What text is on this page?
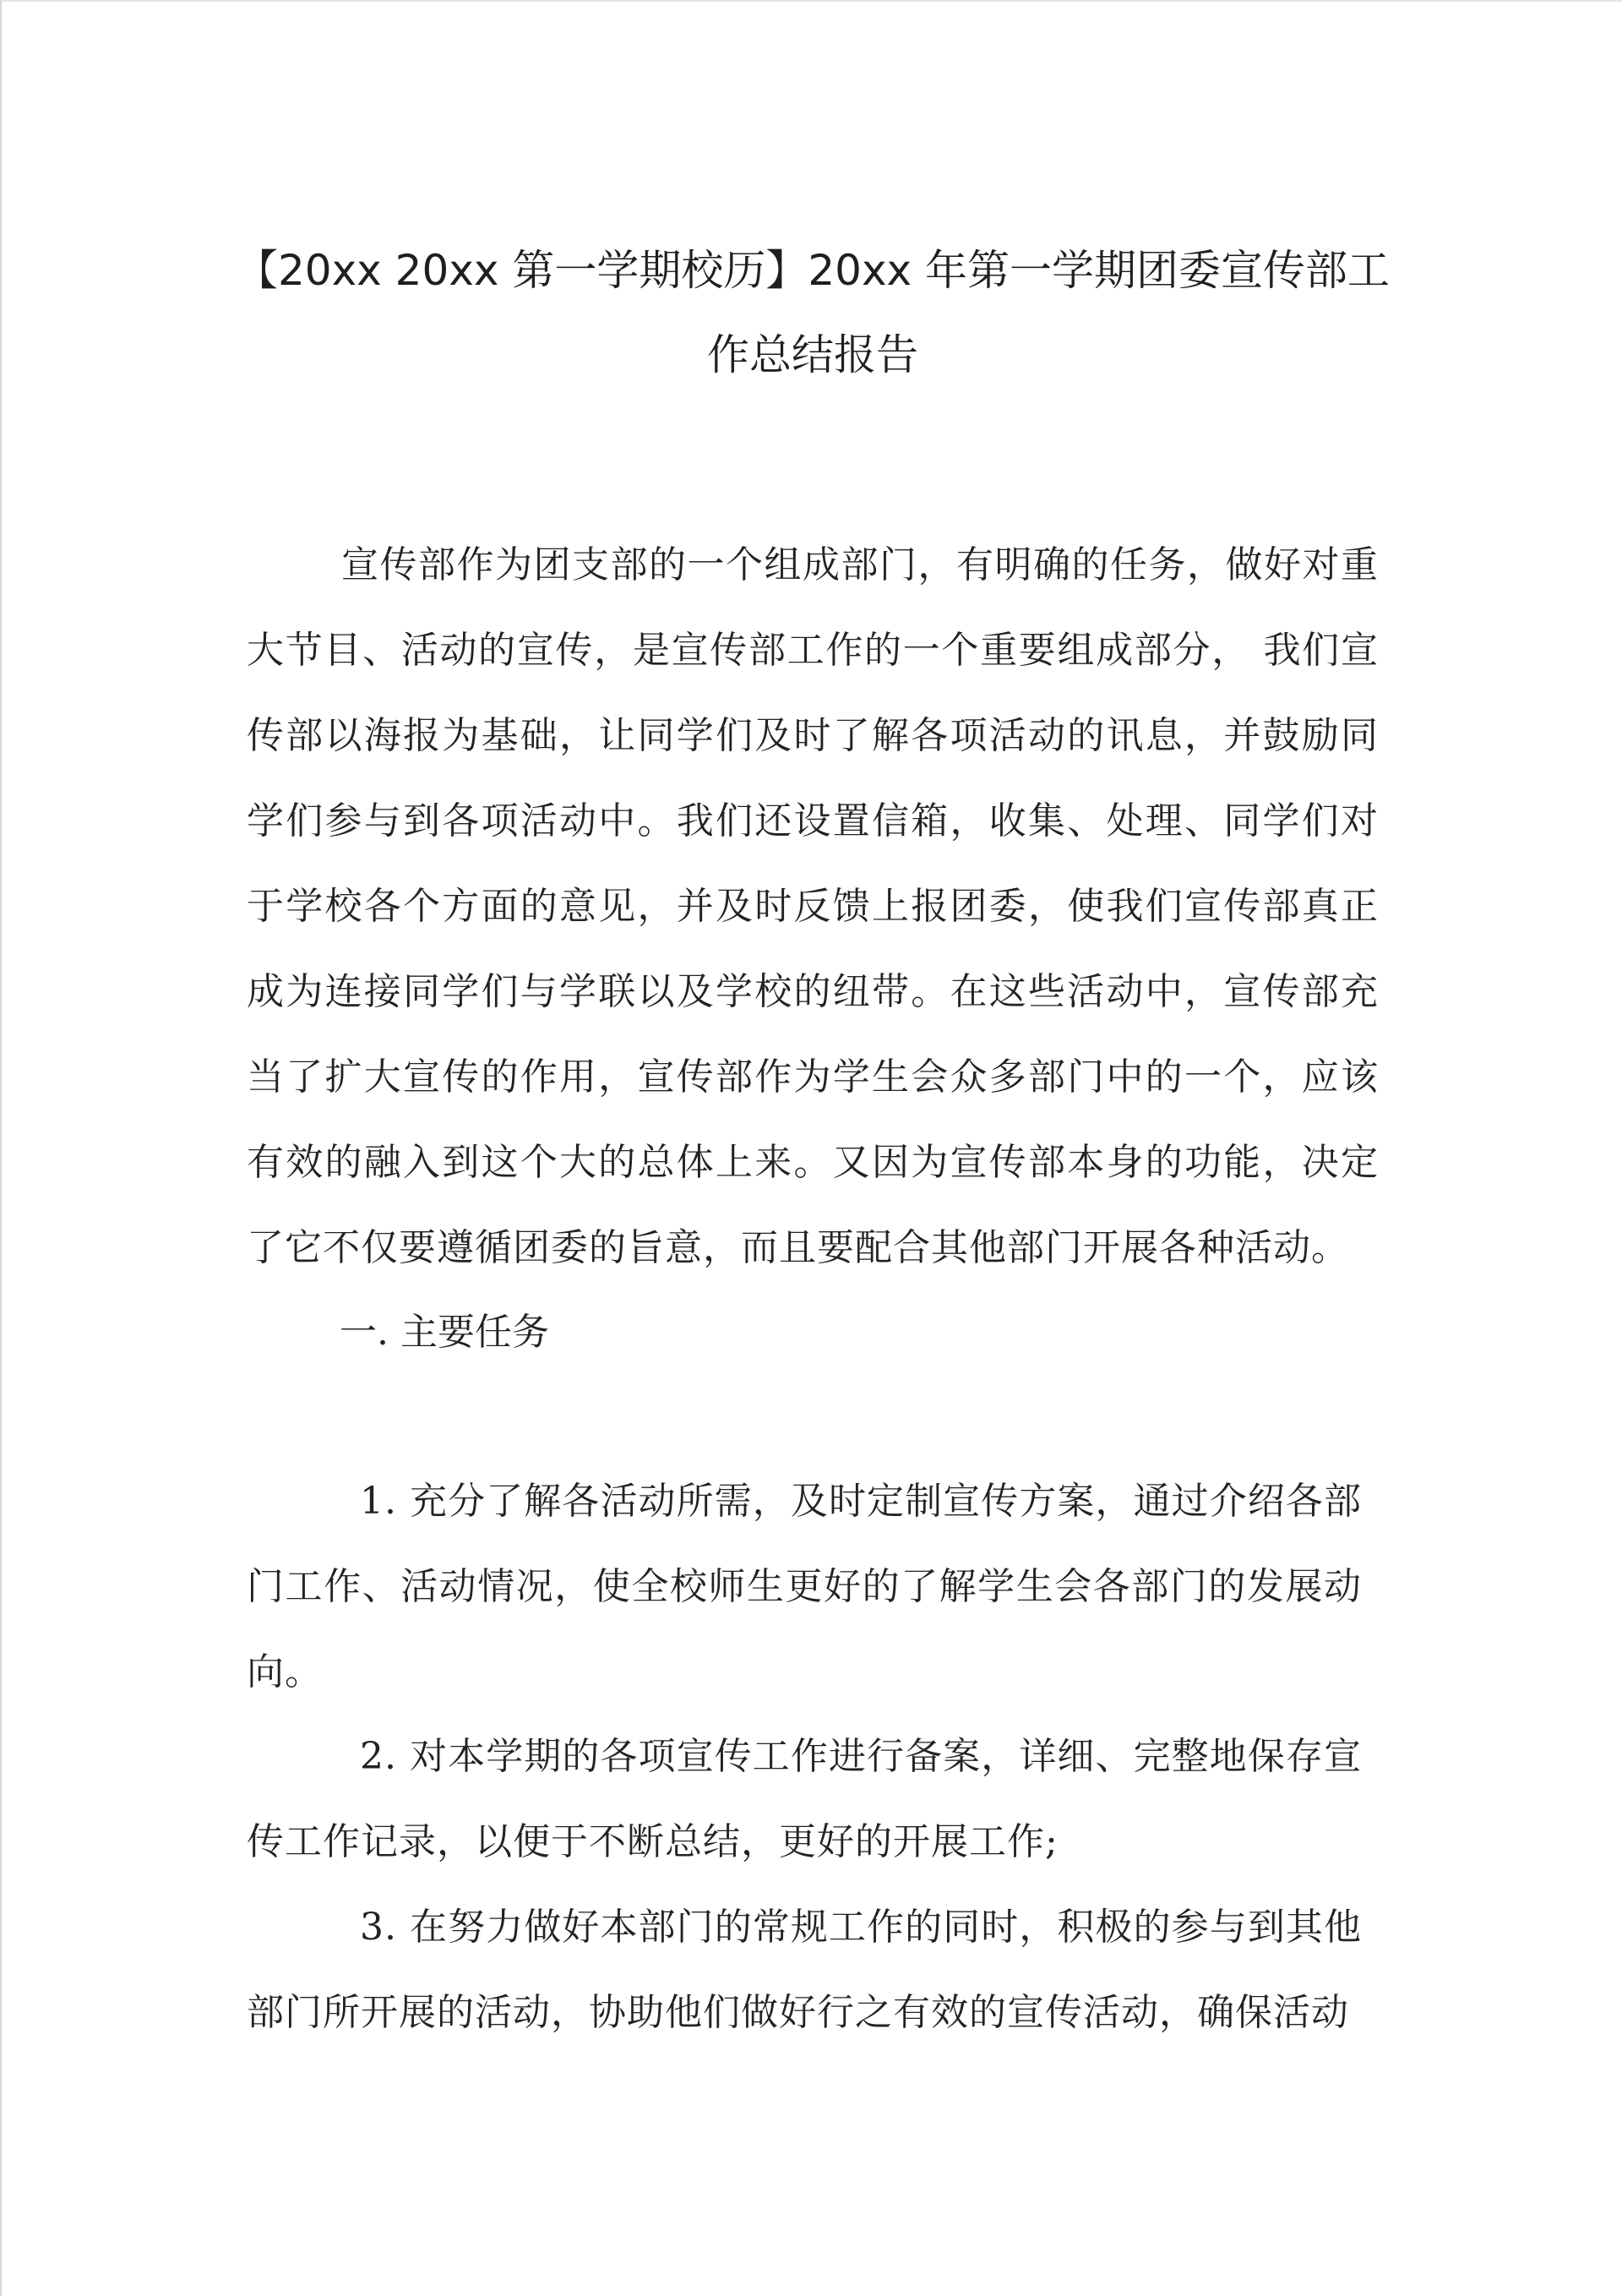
【20xx 20xx 第一学期校历】20xx 年第一学期团委宣传部工
作总结报告
宣传部作为团支部的一个组成部门，有明确的任务，做好对重大节目、活动的宣传，是宣传部工作的一个重要组成部分， 我们宣传部以海报为基础，让同学们及时了解各项活动的讯息，并鼓励同学们参与到各项活动中。我们还设置信箱，收集、处理、同学们对于学校各个方面的意见，并及时反馈上报团委，使我们宣传部真正成为连接同学们与学联以及学校的纽带。在这些活动中，宣传部充当了扩大宣传的作用，宣传部作为学生会众多部门中的一个，应该有效的融入到这个大的总体上来。又因为宣传部本身的功能，决定了它不仅要遵循团委的旨意，而且要配合其他部门开展各种活动。
一. 主要任务
1. 充分了解各活动所需，及时定制宣传方案，通过介绍各部门工作、活动情况，使全校师生更好的了解学生会各部门的发展动向。
2. 对本学期的各项宣传工作进行备案，详细、完整地保存宣传工作记录，以便于不断总结，更好的开展工作;
3. 在努力做好本部门的常规工作的同时，积极的参与到其他部门所开展的活动，协助他们做好行之有效的宣传活动，确保活动
